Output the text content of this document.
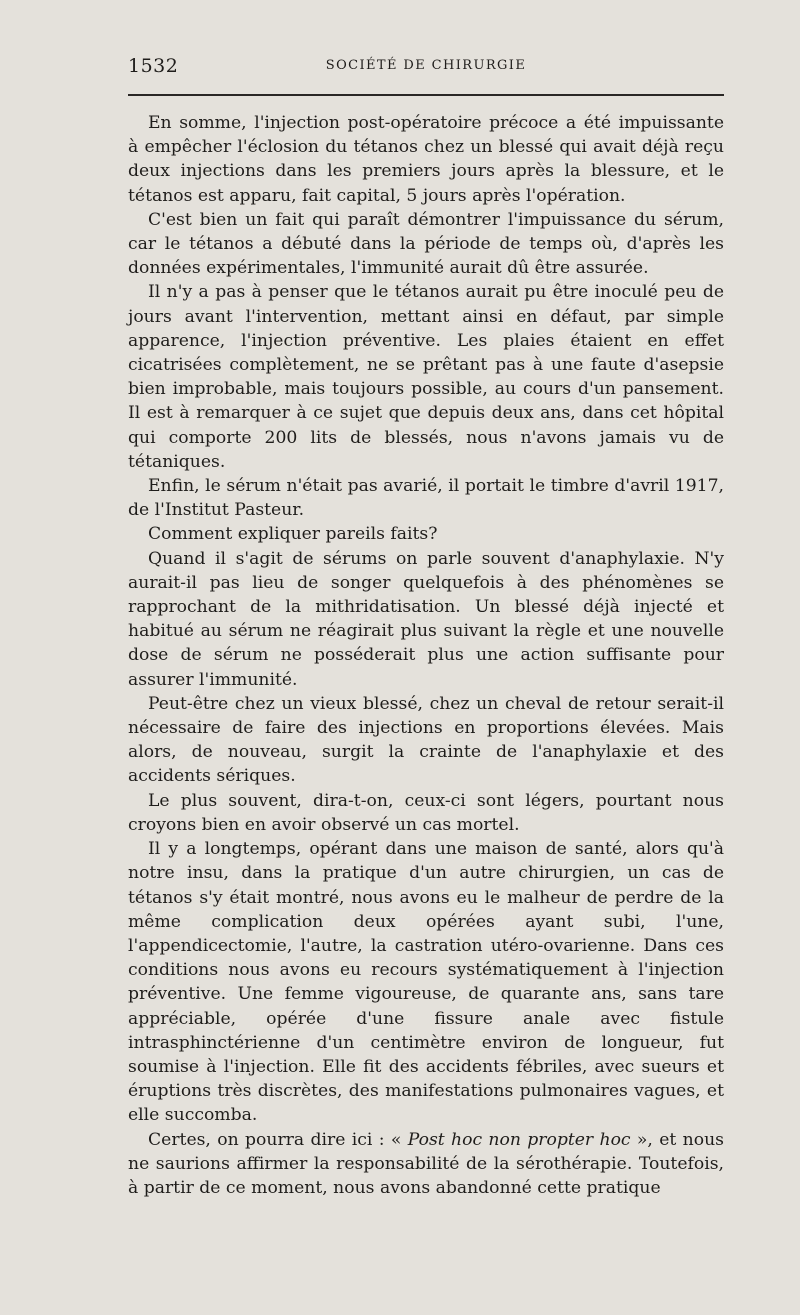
1532	SOCIÉTÉ DE CHIRURGIE

En somme, l'injection post-opératoire précoce a été impuissante à empêcher l'éclosion du tétanos chez un blessé qui avait déjà reçu deux injections dans les premiers jours après la blessure, et le tétanos est apparu, fait capital, 5 jours après l'opération.

C'est bien un fait qui paraît démontrer l'impuissance du sérum, car le tétanos a débuté dans la période de temps où, d'après les données expérimentales, l'immunité aurait dû être assurée.

Il n'y a pas à penser que le tétanos aurait pu être inoculé peu de jours avant l'intervention, mettant ainsi en défaut, par simple apparence, l'injection préventive. Les plaies étaient en effet cicatrisées complètement, ne se prêtant pas à une faute d'asepsie bien improbable, mais toujours possible, au cours d'un pansement. Il est à remarquer à ce sujet que depuis deux ans, dans cet hôpital qui comporte 200 lits de blessés, nous n'avons jamais vu de tétaniques.

Enfin, le sérum n'était pas avarié, il portait le timbre d'avril 1917, de l'Institut Pasteur.

Comment expliquer pareils faits?

Quand il s'agit de sérums on parle souvent d'anaphylaxie. N'y aurait-il pas lieu de songer quelquefois à des phénomènes se rapprochant de la mithridatisation. Un blessé déjà injecté et habitué au sérum ne réagirait plus suivant la règle et une nouvelle dose de sérum ne posséderait plus une action suffisante pour assurer l'immunité.

Peut-être chez un vieux blessé, chez un cheval de retour serait-il nécessaire de faire des injections en proportions élevées. Mais alors, de nouveau, surgit la crainte de l'anaphylaxie et des accidents sériques.

Le plus souvent, dira-t-on, ceux-ci sont légers, pourtant nous croyons bien en avoir observé un cas mortel.

Il y a longtemps, opérant dans une maison de santé, alors qu'à notre insu, dans la pratique d'un autre chirurgien, un cas de tétanos s'y était montré, nous avons eu le malheur de perdre de la même complication deux opérées ayant subi, l'une, l'appendicectomie, l'autre, la castration utéro-ovarienne. Dans ces conditions nous avons eu recours systématiquement à l'injection préventive. Une femme vigoureuse, de quarante ans, sans tare appréciable, opérée d'une fissure anale avec fistule intrasphinctérienne d'un centimètre environ de longueur, fut soumise à l'injection. Elle fit des accidents fébriles, avec sueurs et éruptions très discrètes, des manifestations pulmonaires vagues, et elle succomba.

Certes, on pourra dire ici : « Post hoc non propter hoc », et nous ne saurions affirmer la responsabilité de la sérothérapie. Toutefois, à partir de ce moment, nous avons abandonné cette pratique
